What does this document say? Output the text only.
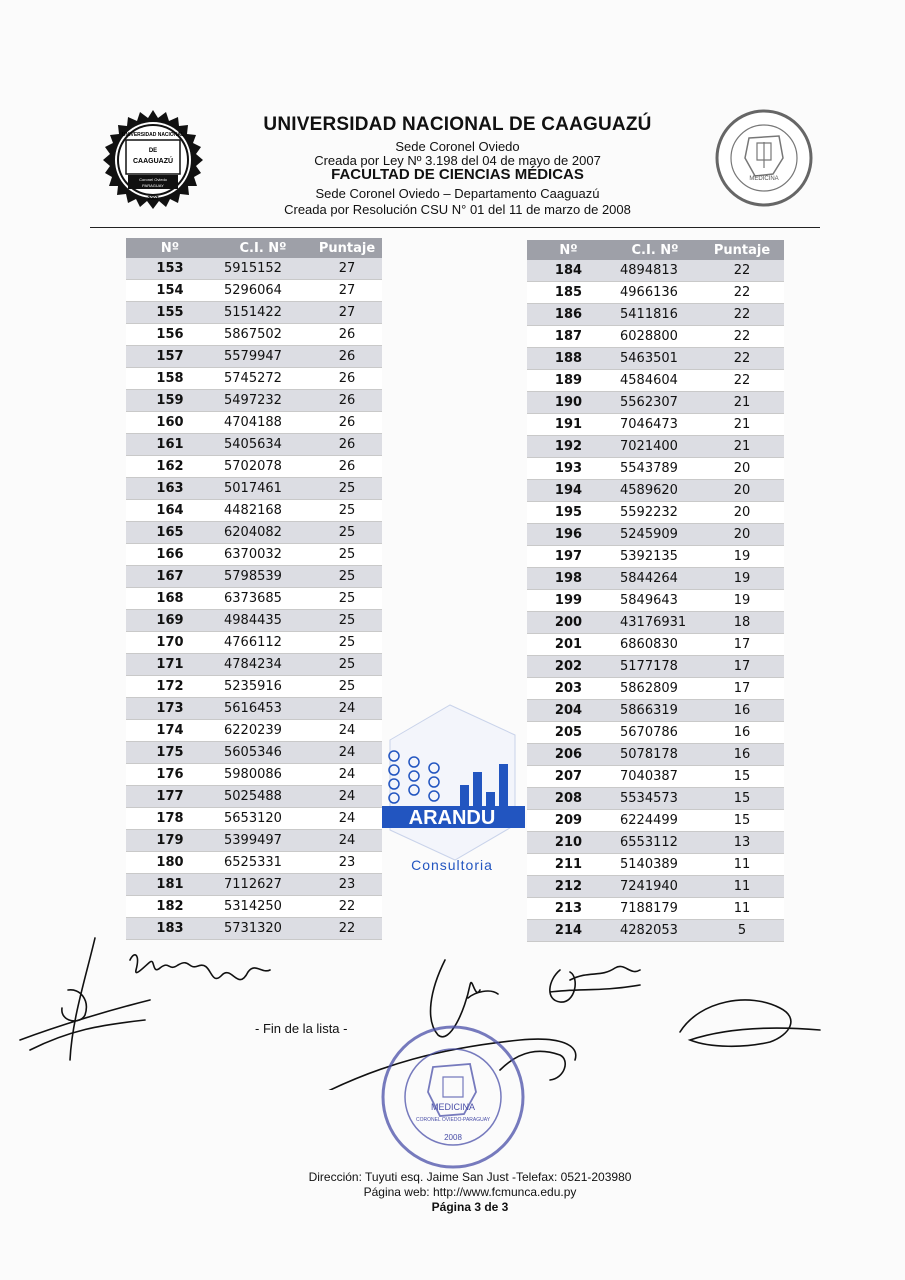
UNIVERSIDAD NACIONAL
DE
CAAGUAZÚ
Coronel Oviedo
PARAGUAY
2007
UNIVERSIDAD NACIONAL DE CAAGUAZÚ
Sede Coronel Oviedo
Creada por Ley Nº 3.198 del 04 de mayo de 2007
FACULTAD DE CIENCIAS MÉDICAS
Sede Coronel Oviedo – Departamento Caaguazú
Creada por Resolución CSU N° 01 del 11 de marzo de 2008
MEDICINA
ARANDU
Consultoria
Nº	C.I. Nº	Puntaje
153	5915152	27
154	5296064	27
155	5151422	27
156	5867502	26
157	5579947	26
158	5745272	26
159	5497232	26
160	4704188	26
161	5405634	26
162	5702078	26
163	5017461	25
164	4482168	25
165	6204082	25
166	6370032	25
167	5798539	25
168	6373685	25
169	4984435	25
170	4766112	25
171	4784234	25
172	5235916	25
173	5616453	24
174	6220239	24
175	5605346	24
176	5980086	24
177	5025488	24
178	5653120	24
179	5399497	24
180	6525331	23
181	7112627	23
182	5314250	22
183	5731320	22
Nº	C.I. Nº	Puntaje
184	4894813	22
185	4966136	22
186	5411816	22
187	6028800	22
188	5463501	22
189	4584604	22
190	5562307	21
191	7046473	21
192	7021400	21
193	5543789	20
194	4589620	20
195	5592232	20
196	5245909	20
197	5392135	19
198	5844264	19
199	5849643	19
200	43176931	18
201	6860830	17
202	5177178	17
203	5862809	17
204	5866319	16
205	5670786	16
206	5078178	16
207	7040387	15
208	5534573	15
209	6224499	15
210	6553112	13
211	5140389	11
212	7241940	11
213	7188179	11
214	4282053	5
- Fin de la lista -
MEDICINA
CORONEL OVIEDO-PARAGUAY
2008
Dirección: Tuyuti esq. Jaime San Just -Telefax: 0521-203980
Página web: http://www.fcmunca.edu.py
Página 3 de 3
